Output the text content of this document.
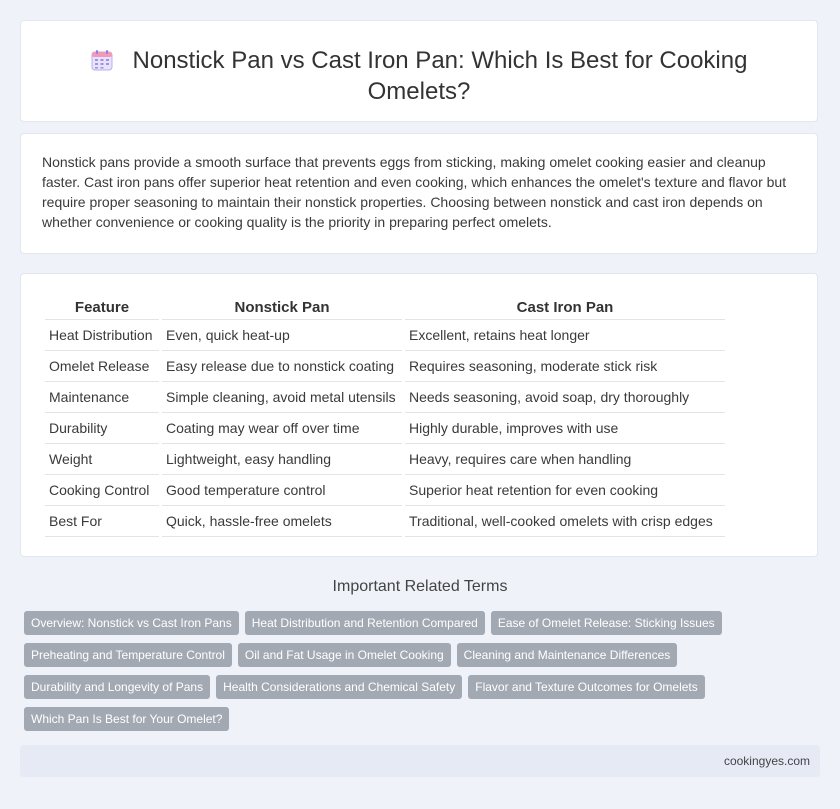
Nonstick Pan vs Cast Iron Pan: Which Is Best for Cooking Omelets?

Nonstick pans provide a smooth surface that prevents eggs from sticking, making omelet cooking easier and cleanup faster. Cast iron pans offer superior heat retention and even cooking, which enhances the omelet's texture and flavor but require proper seasoning to maintain their nonstick properties. Choosing between nonstick and cast iron depends on whether convenience or cooking quality is the priority in preparing perfect omelets.

Feature	Nonstick Pan	Cast Iron Pan
Heat Distribution	Even, quick heat-up	Excellent, retains heat longer
Omelet Release	Easy release due to nonstick coating	Requires seasoning, moderate stick risk
Maintenance	Simple cleaning, avoid metal utensils	Needs seasoning, avoid soap, dry thoroughly
Durability	Coating may wear off over time	Highly durable, improves with use
Weight	Lightweight, easy handling	Heavy, requires care when handling
Cooking Control	Good temperature control	Superior heat retention for even cooking
Best For	Quick, hassle-free omelets	Traditional, well-cooked omelets with crisp edges
Important Related Terms
Overview: Nonstick vs Cast Iron Pans Heat Distribution and Retention Compared Ease of Omelet Release: Sticking Issues
Preheating and Temperature Control Oil and Fat Usage in Omelet Cooking Cleaning and Maintenance Differences
Durability and Longevity of Pans Health Considerations and Chemical Safety Flavor and Texture Outcomes for Omelets
Which Pan Is Best for Your Omelet?
cookingyes.com
